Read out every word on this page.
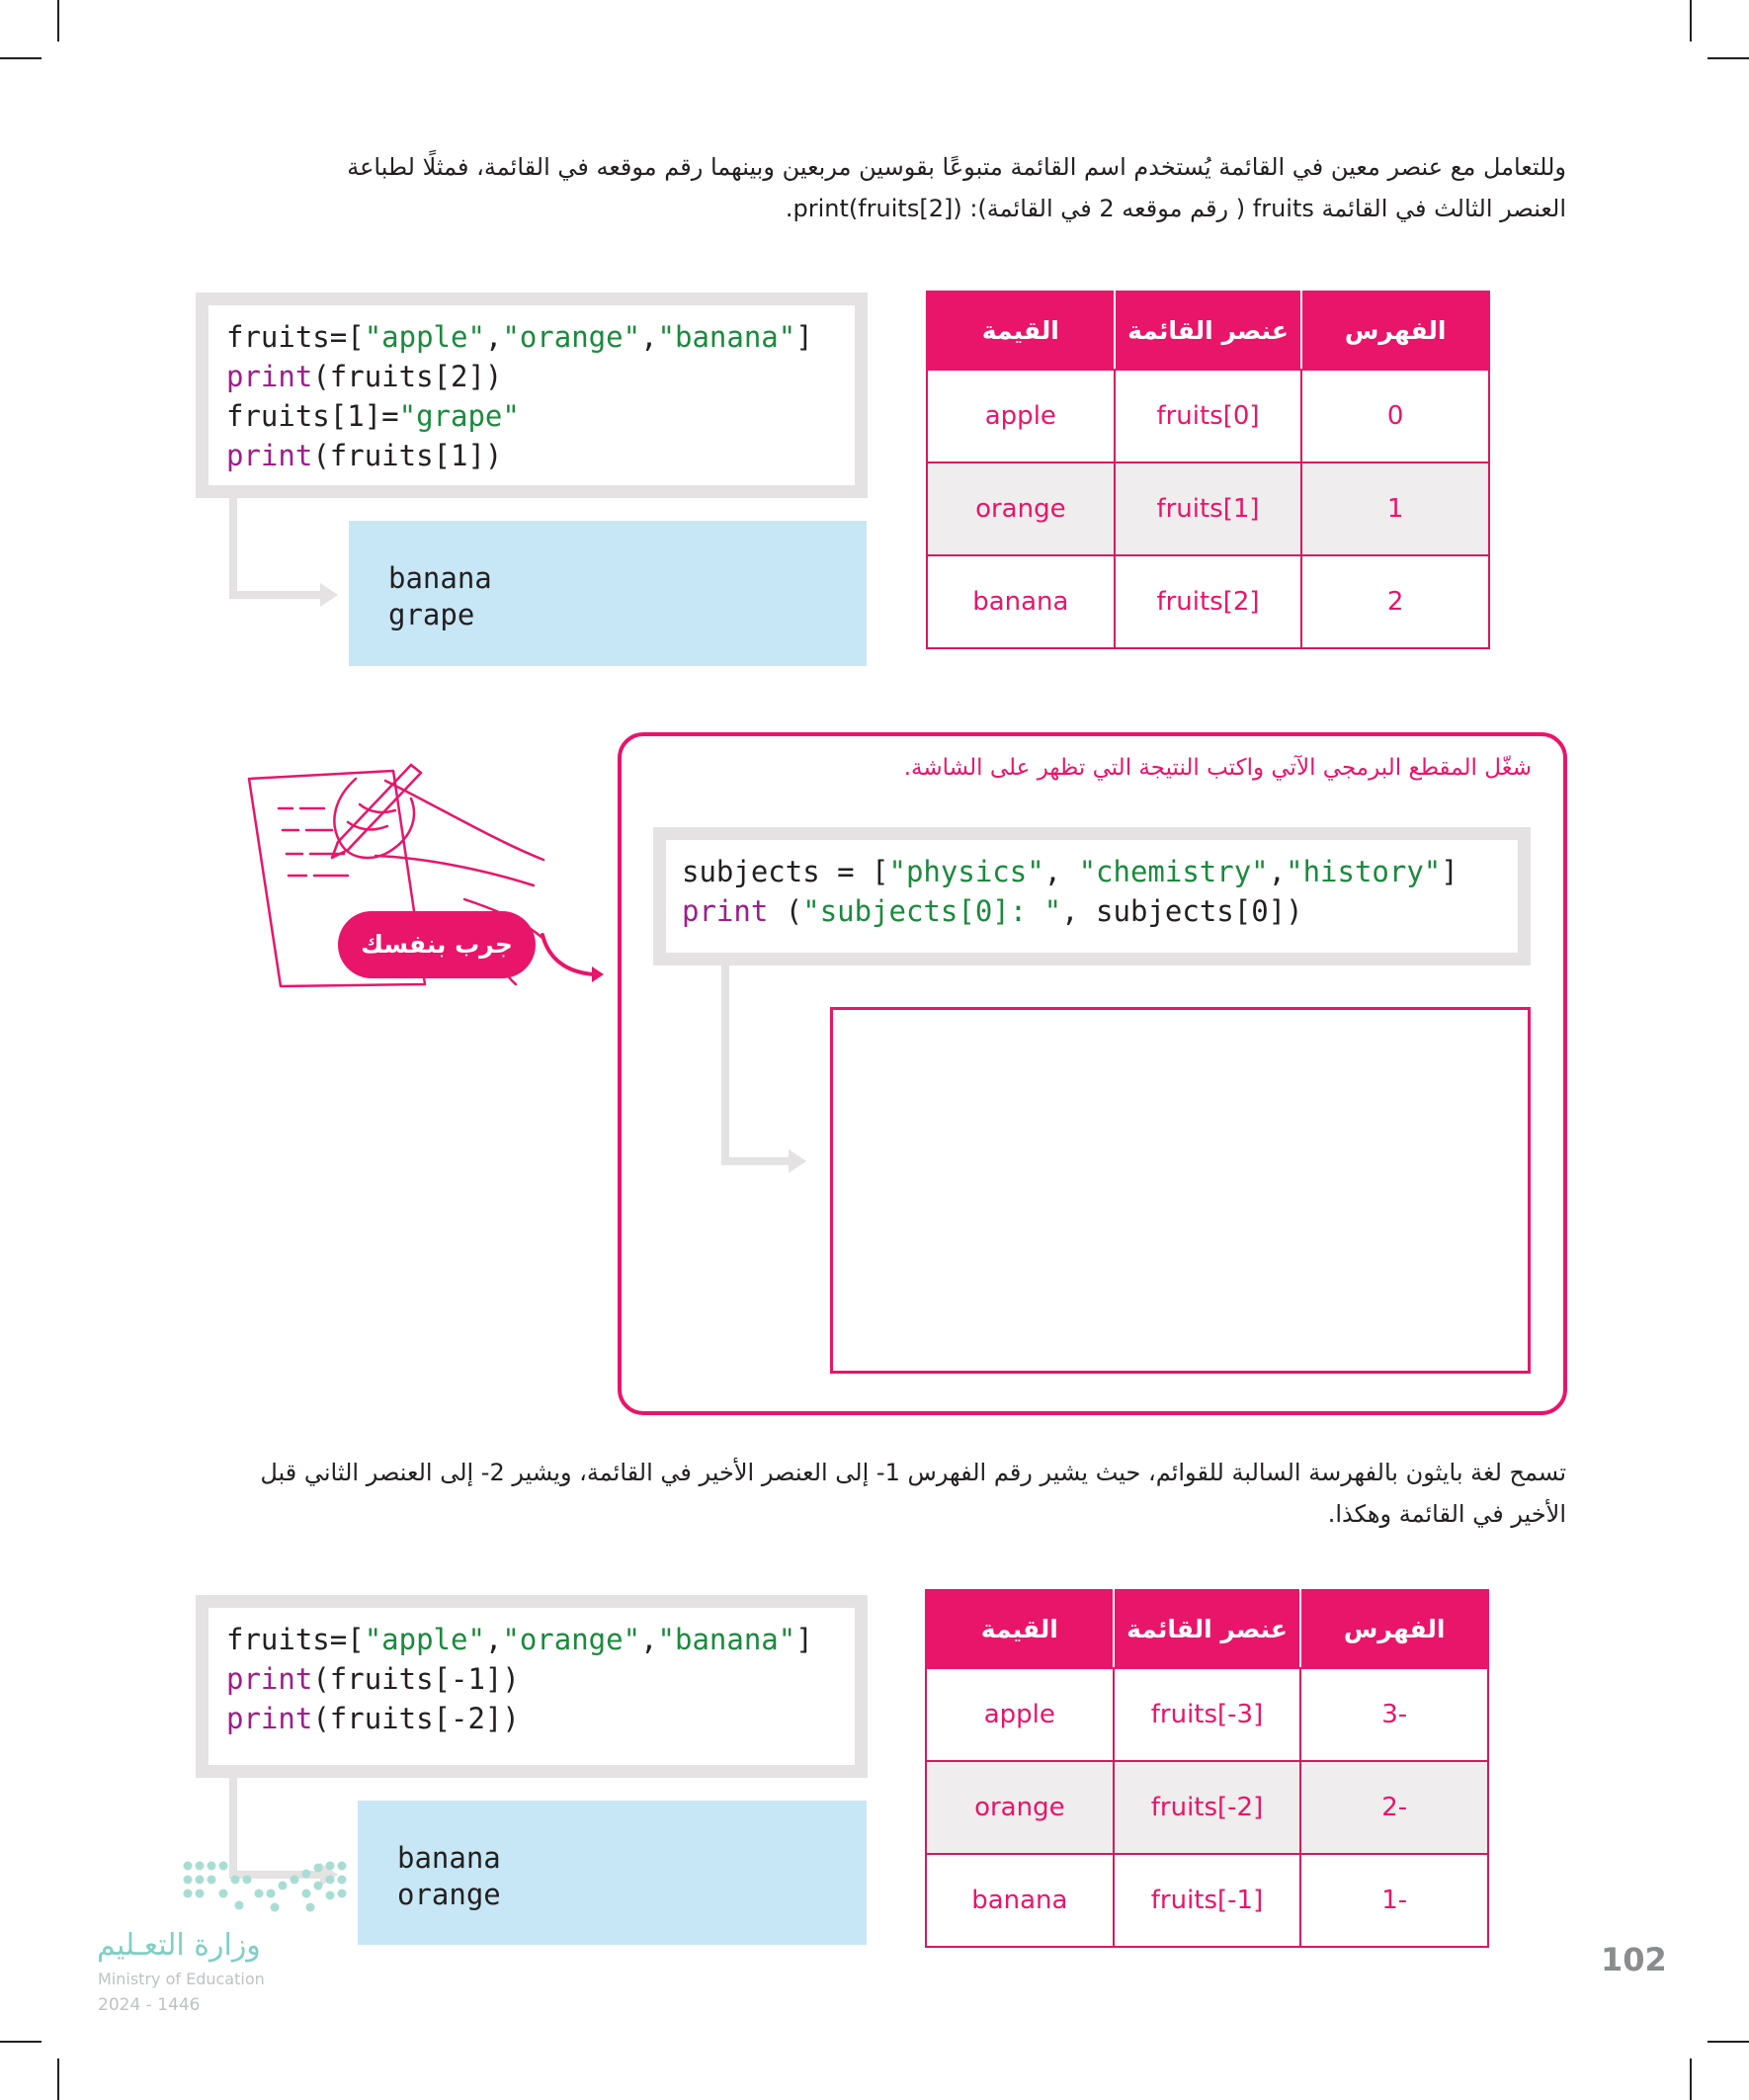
وللتعامل مع عنصر معين في القائمة يُستخدم اسم القائمة متبوعًا بقوسين مربعين وبينهما رقم موقعه في القائمة، فمثلًا لطباعة

العنصر الثالث في القائمة fruits ( رقم موقعه 2 في القائمة): print(fruits[2]).

fruits=["apple","orange","banana"]
print(fruits[2])
fruits[1]="grape"
print(fruits[1])
banana
grape
الفهرس	عنصر القائمة	القيمة
0	fruits[0]	apple
1	fruits[1]	orange
2	fruits[2]	banana
جرب بنفسك
شغّل المقطع البرمجي الآتي واكتب النتيجة التي تظهر على الشاشة.
subjects = ["physics", "chemistry","history"]
print ("subjects[0]: ", subjects[0])

تسمح لغة بايثون بالفهرسة السالبة للقوائم، حيث يشير رقم الفهرس 1- إلى العنصر الأخير في القائمة، ويشير 2- إلى العنصر الثاني قبل

الأخير في القائمة وهكذا.

fruits=["apple","orange","banana"]
print(fruits[-1])
print(fruits[-2])
banana
orange
الفهرس	عنصر القائمة	القيمة
-3	fruits[-3]	apple
-2	fruits[-2]	orange
-1	fruits[-1]	banana
وزارة التعـليم
Ministry of Education
2024 - 1446
102
